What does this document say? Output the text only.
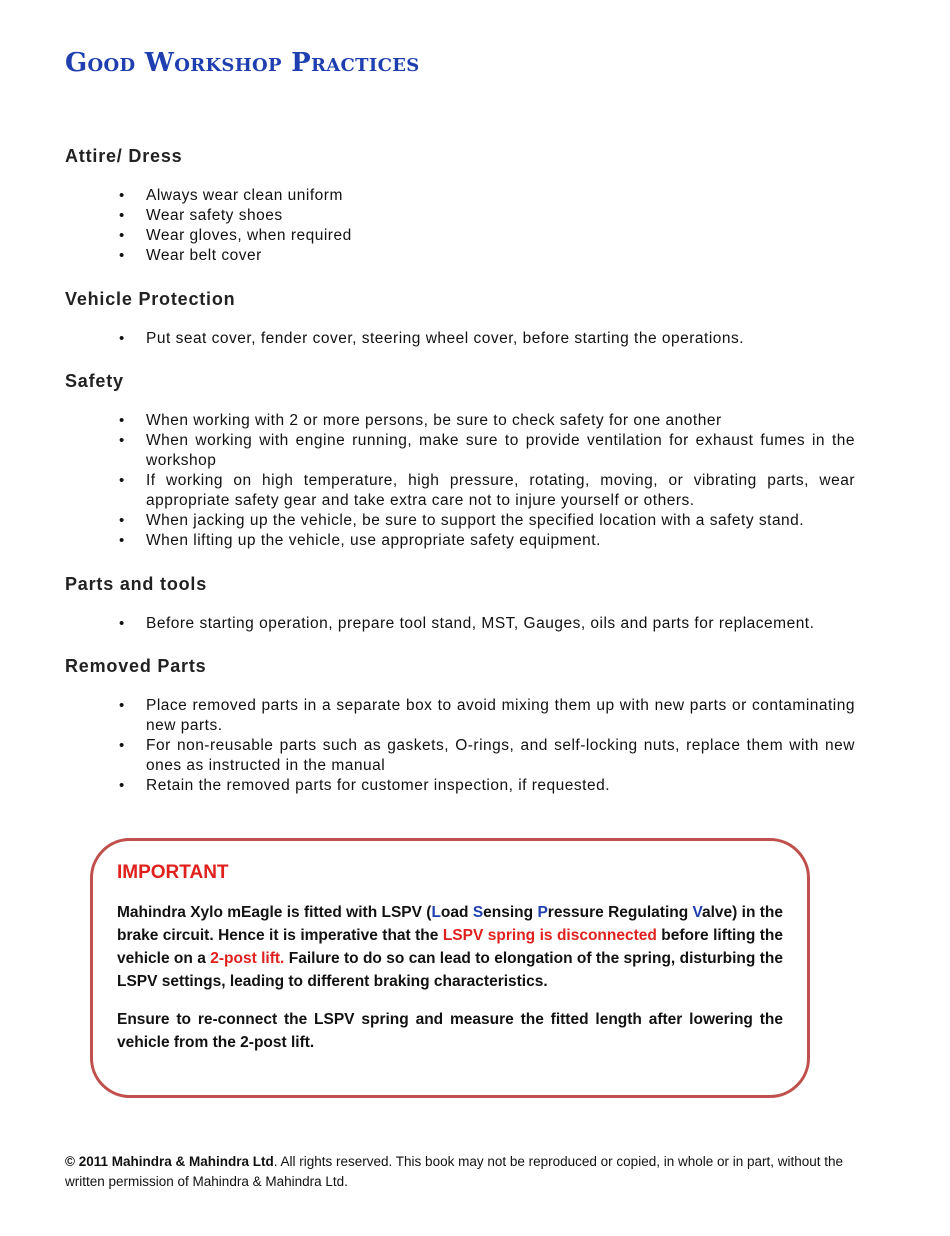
Good Workshop Practices
Attire/ Dress
• Always wear clean uniform
• Wear safety shoes
• Wear gloves, when required
• Wear belt cover
Vehicle Protection
• Put seat cover, fender cover, steering wheel cover, before starting the operations.
Safety
• When working with 2 or more persons, be sure to check safety for one another
• When working with engine running, make sure to provide ventilation for exhaust fumes in the workshop
• If working on high temperature, high pressure, rotating, moving, or vibrating parts, wear appropriate safety gear and take extra care not to injure yourself or others.
• When jacking up the vehicle, be sure to support the specified location with a safety stand.
• When lifting up the vehicle, use appropriate safety equipment.
Parts and tools
• Before starting operation, prepare tool stand, MST, Gauges, oils and parts for replacement.
Removed Parts
• Place removed parts in a separate box to avoid mixing them up with new parts or contaminating new parts.
• For non-reusable parts such as gaskets, O-rings, and self-locking nuts, replace them with new ones as instructed in the manual
• Retain the removed parts for customer inspection, if requested.

IMPORTANT

Mahindra Xylo mEagle is fitted with LSPV (Load Sensing Pressure Regulating Valve) in the brake circuit. Hence it is imperative that the LSPV spring is disconnected before lifting the vehicle on a 2-post lift. Failure to do so can lead to elongation of the spring, disturbing the LSPV settings, leading to different braking characteristics.

Ensure to re-connect the LSPV spring and measure the fitted length after lowering the vehicle from the 2-post lift.

© 2011 Mahindra & Mahindra Ltd. All rights reserved. This book may not be reproduced or copied, in whole or in part, without the written permission of Mahindra & Mahindra Ltd.
